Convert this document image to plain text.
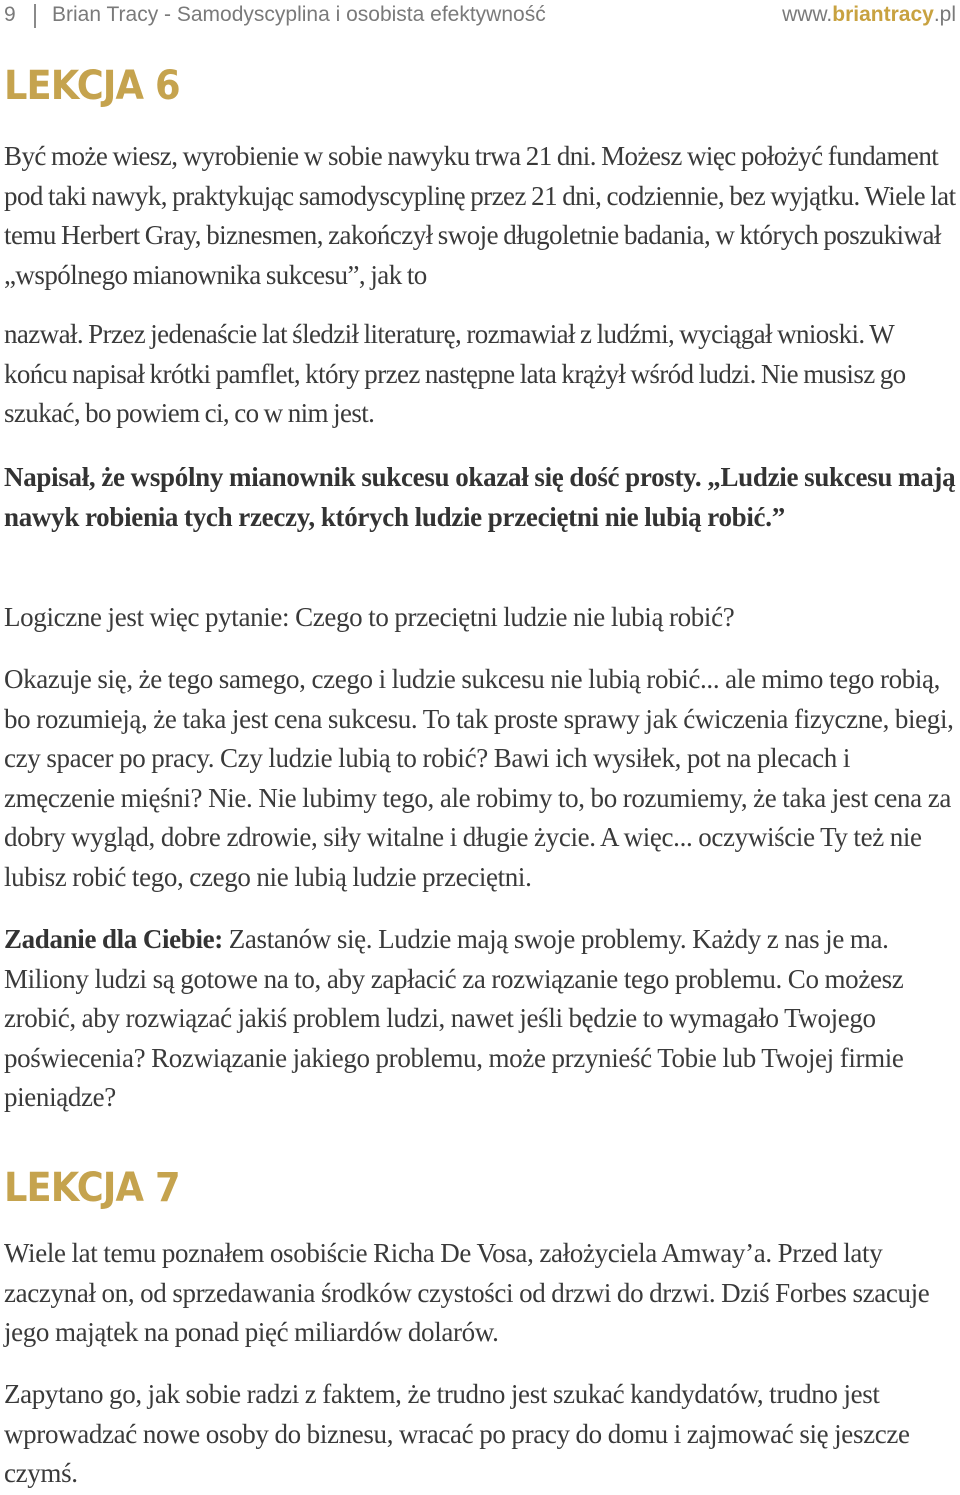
9 Brian Tracy - Samodyscyplina i osobista efektywność	www.briantracy.pl
LEKCJA 6

Być może wiesz, wyrobienie w sobie nawyku trwa 21 dni. Możesz więc położyć fundament pod taki nawyk, praktykując samodyscyplinę przez 21 dni, codziennie, bez wyjątku. Wiele lat temu Herbert Gray, biznesmen, zakończył swoje długoletnie badania, w których poszukiwał „wspólnego mianownika sukcesu”, jak to

nazwał. Przez jedenaście lat śledził literaturę, rozmawiał z ludźmi, wyciągał wnioski. W końcu napisał krótki pamflet, który przez następne lata krążył wśród ludzi. Nie musisz go szukać, bo powiem ci, co w nim jest.

Napisał, że wspólny mianownik sukcesu okazał się dość prosty. „Ludzie sukcesu mają nawyk robienia tych rzeczy, których ludzie przeciętni nie lubią robić.”

Logiczne jest więc pytanie: Czego to przeciętni ludzie nie lubią robić?

Okazuje się, że tego samego, czego i ludzie sukcesu nie lubią robić... ale mimo tego robią, bo rozumieją, że taka jest cena sukcesu. To tak proste sprawy jak ćwiczenia fizyczne, biegi, czy spacer po pracy. Czy ludzie lubią to robić? Bawi ich wysiłek, pot na plecach i zmęczenie mięśni? Nie. Nie lubimy tego, ale robimy to, bo rozumiemy, że taka jest cena za dobry wygląd, dobre zdrowie, siły witalne i długie życie. A więc... oczywiście Ty też nie lubisz robić tego, czego nie lubią ludzie przeciętni.

Zadanie dla Ciebie: Zastanów się. Ludzie mają swoje problemy. Każdy z nas je ma. Miliony ludzi są gotowe na to, aby zapłacić za rozwiązanie tego problemu. Co możesz zrobić, aby rozwiązać jakiś problem ludzi, nawet jeśli będzie to wymagało Twojego poświecenia? Rozwiązanie jakiego problemu, może przynieść Tobie lub Twojej firmie pieniądze?

LEKCJA 7

Wiele lat temu poznałem osobiście Richa De Vosa, założyciela Amway’a. Przed laty zaczynał on, od sprzedawania środków czystości od drzwi do drzwi. Dziś Forbes szacuje jego majątek na ponad pięć miliardów dolarów.

Zapytano go, jak sobie radzi z faktem, że trudno jest szukać kandydatów, trudno jest wprowadzać nowe osoby do biznesu, wracać po pracy do domu i zajmować się jeszcze czymś.
